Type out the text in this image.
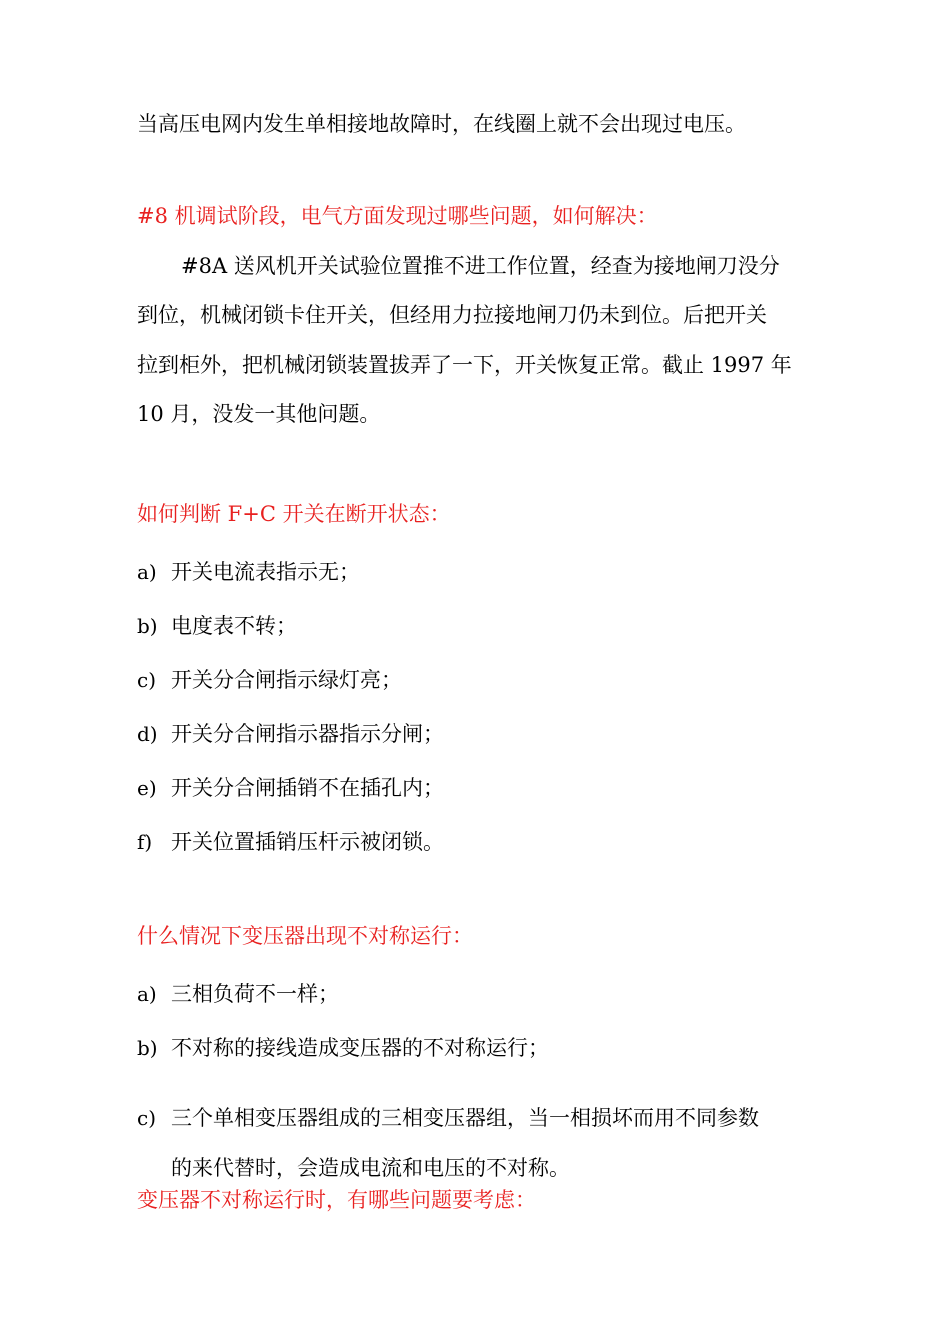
当高压电网内发生单相接地故障时，在线圈上就不会出现过电压。
#8 机调试阶段，电气方面发现过哪些问题，如何解决：
#8A 送风机开关试验位置推不进工作位置，经查为接地闸刀没分
到位，机械闭锁卡住开关，但经用力拉接地闸刀仍未到位。后把开关
拉到柜外，把机械闭锁装置拔弄了一下，开关恢复正常。截止 1997 年
10 月，没发一其他问题。
如何判断 F+C 开关在断开状态：
a) 开关电流表指示无；
b) 电度表不转；
c) 开关分合闸指示绿灯亮；
d) 开关分合闸指示器指示分闸；
e) 开关分合闸插销不在插孔内；
f) 开关位置插销压杆示被闭锁。
什么情况下变压器出现不对称运行：
a) 三相负荷不一样；
b) 不对称的接线造成变压器的不对称运行；
c) 三个单相变压器组成的三相变压器组，当一相损坏而用不同参数
的来代替时，会造成电流和电压的不对称。
变压器不对称运行时，有哪些问题要考虑：
